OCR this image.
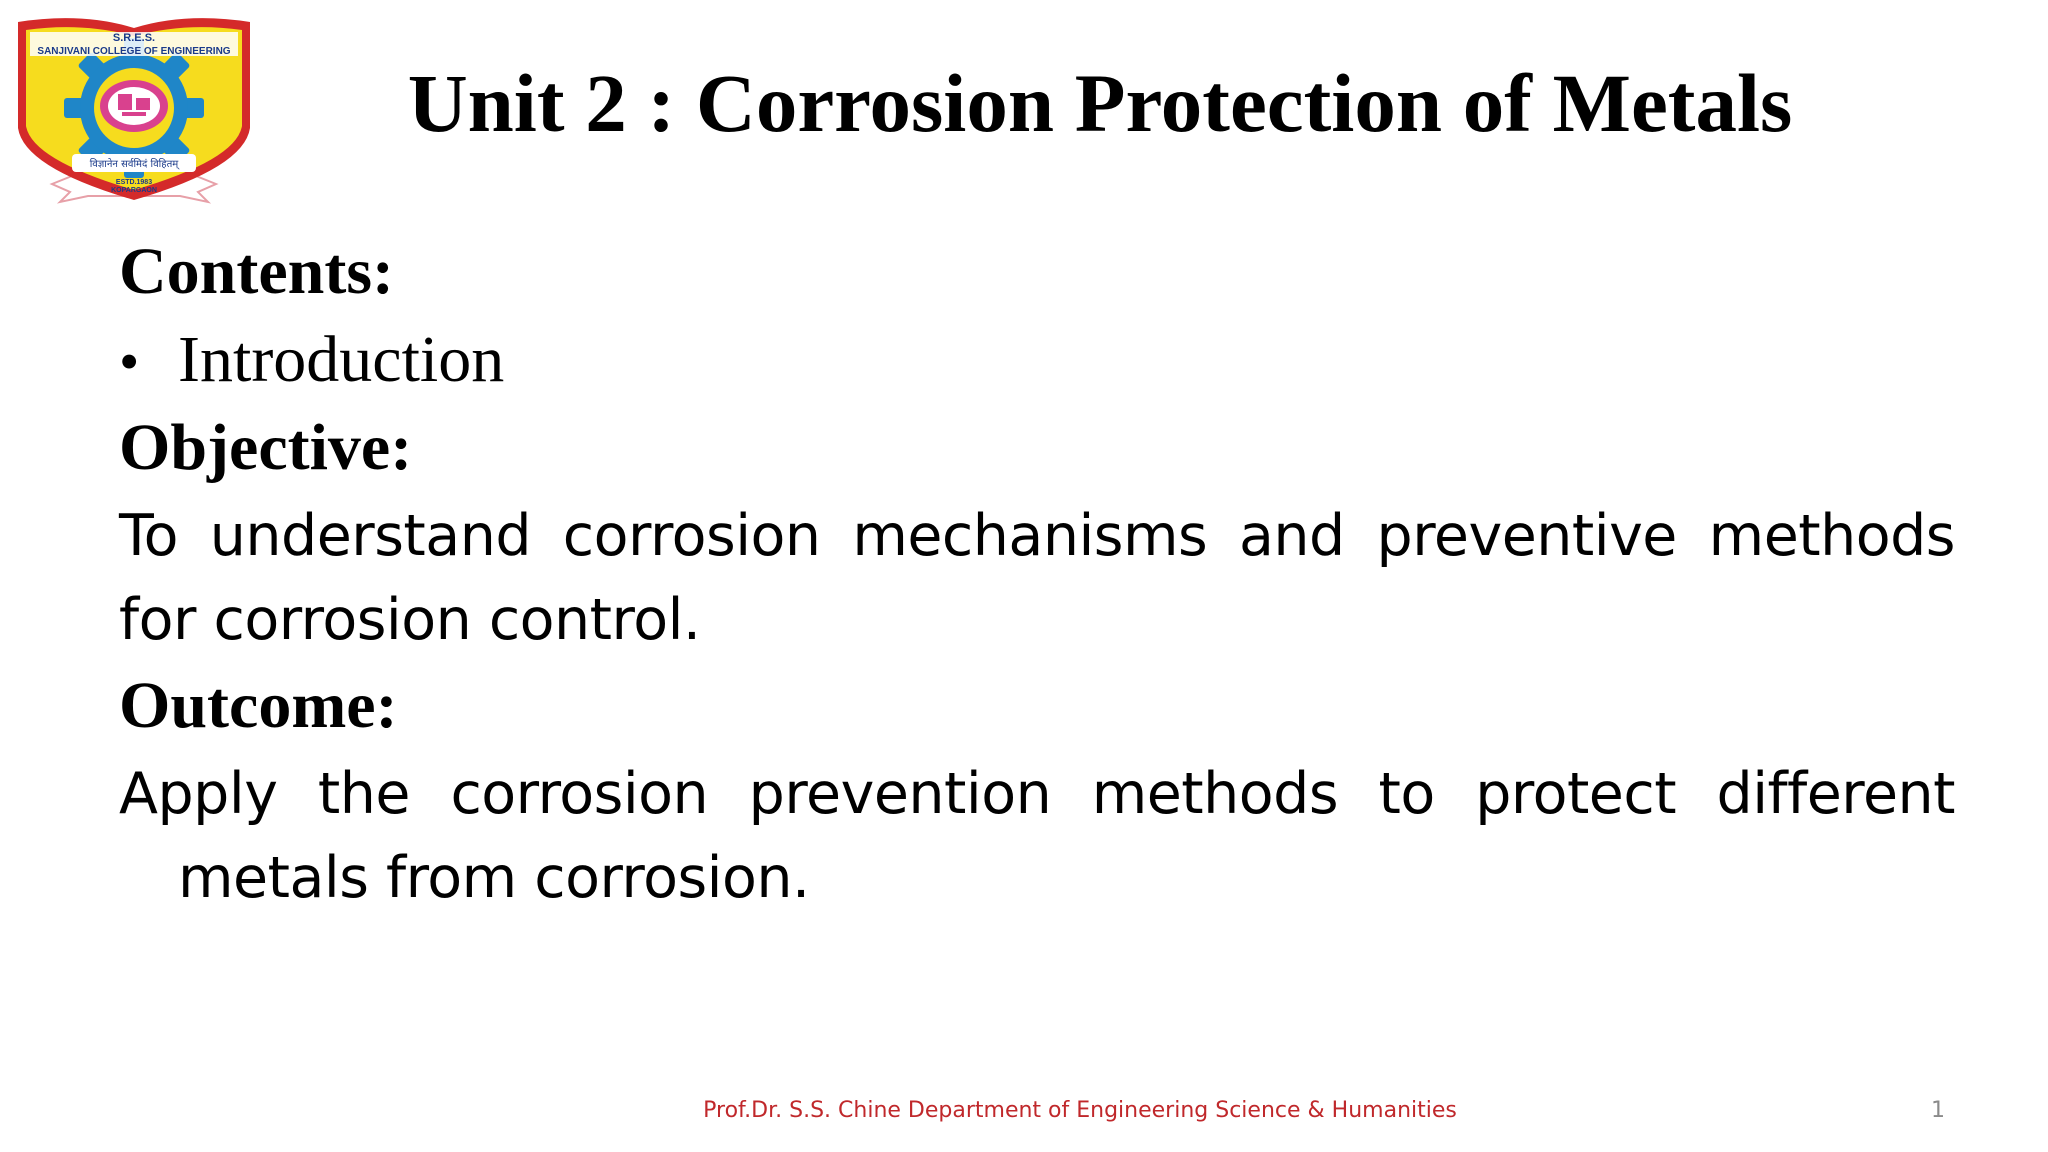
S.R.E.S.
SANJIVANI COLLEGE OF ENGINEERING
विज्ञानेन सर्वमिदं विहितम्
ESTD.1983
KOPARGAON
Unit 2 : Corrosion Protection of Metals

Contents:

• Introduction

Objective:

To understand corrosion mechanisms and preventive methods for corrosion control.

Outcome:

Apply the corrosion prevention methods to protect different metals from corrosion.

Prof.Dr. S.S. Chine Department of Engineering Science & Humanities	1
